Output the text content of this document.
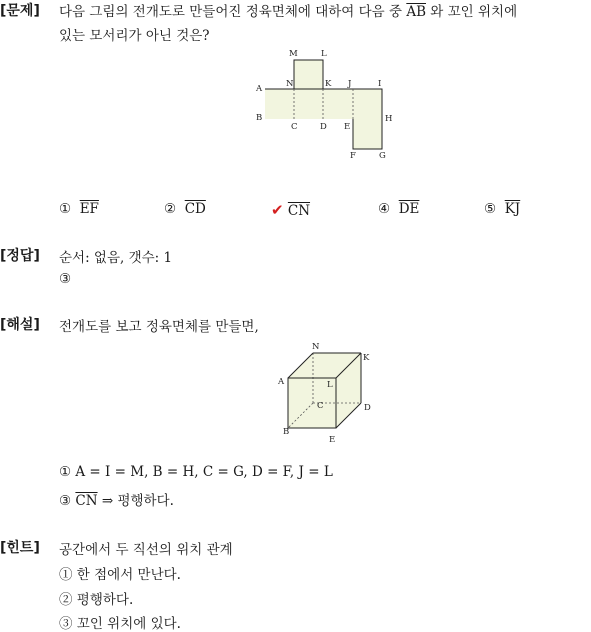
[문제] 다음 그림의 전개도로 만들어진 정육면체에 대하여 다음 중 $\overline{AB}$ 와 꼬인 위치에
있는 모서리가 아닌 것은?
M	L
A	N	K J	I
B
C	D E
H
F	G
① $\overline{EF}$	② $\overline{CD}$	✔ $\overline{CN}$	④ $\overline{DE}$	⑤ $\overline{KJ}$
[정답] 순서: 없음, 갯수: 1
③
[해설] 전개도를 보고 정육면체를 만들면,
N
K
A	L
C	D
B
E
① A = I = M, B = H, C = G, D = F, J = L
③ $\overline{CN}$ ⇒ 평행하다.
[힌트] 공간에서 두 직선의 위치 관계
① 한 점에서 만난다.
② 평행하다.
③ 꼬인 위치에 있다.
